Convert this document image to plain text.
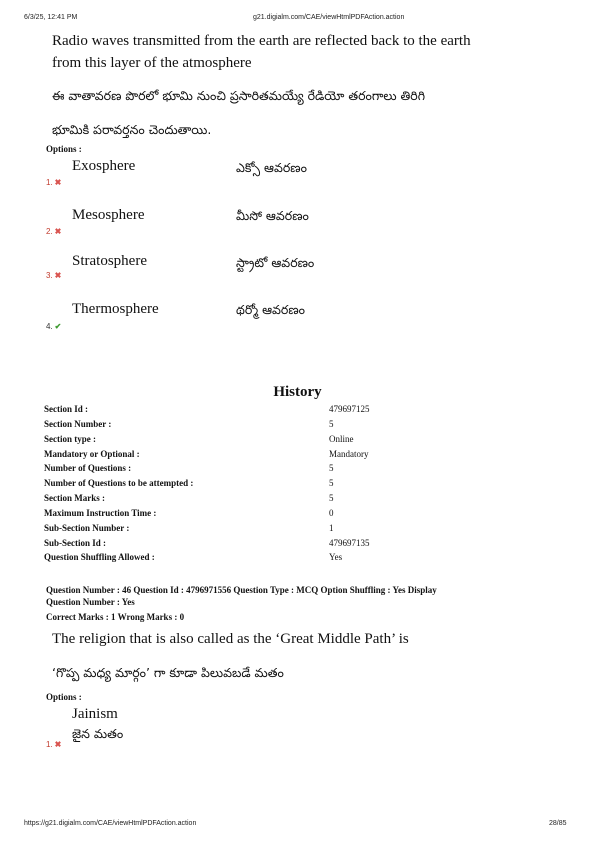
6/3/25, 12:41 PM	g21.digialm.com/CAE/viewHtmlPDFAction.action
Radio waves transmitted from the earth are reflected back to the earth
from this layer of the atmosphere
ఈ వాతావరణ పొరలో భూమి నుంచి ప్రసారితమయ్యే రేడియో తరంగాలు తిరిగి
భూమికి పరావర్తనం చెందుతాయి.
Options :
Exosphere	ఎక్సో ఆవరణం
1. ✖
Mesosphere	మీసో ఆవరణం
2. ✖
Stratosphere	స్ట్రాటో ఆవరణం
3. ✖
Thermosphere	థర్మో ఆవరణం
4. ✔
History
Section Id :	479697125
Section Number :	5
Section type :	Online
Mandatory or Optional :	Mandatory
Number of Questions :	5
Number of Questions to be attempted :	5
Section Marks :	5
Maximum Instruction Time :	0
Sub-Section Number :	1
Sub-Section Id :	479697135
Question Shuffling Allowed :	Yes
Question Number : 46 Question Id : 4796971556 Question Type : MCQ Option Shuffling : Yes Display
Question Number : Yes
Correct Marks : 1 Wrong Marks : 0
The religion that is also called as the ‘Great Middle Path’ is
‘గొప్ప మధ్య మార్గం’ గా కూడా పిలువబడే మతం
Options :
Jainism
జైన మతం
1. ✖
https://g21.digialm.com/CAE/viewHtmlPDFAction.action	28/85
